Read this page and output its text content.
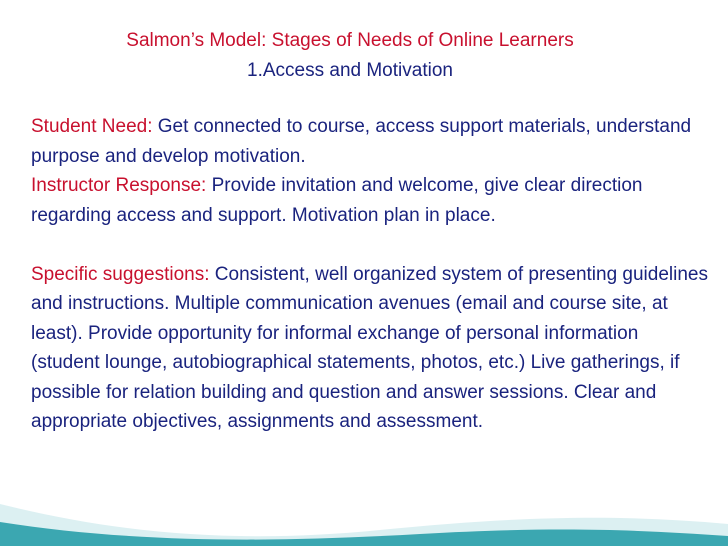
Salmon’s Model: Stages of Needs of Online Learners
1.Access and Motivation

Student Need: Get connected to course, access support materials, understand purpose and develop motivation.

Instructor Response: Provide invitation and welcome, give clear direction regarding access and support. Motivation plan in place.

Specific suggestions: Consistent, well organized system of presenting guidelines and instructions. Multiple communication avenues (email and course site, at least). Provide opportunity for informal exchange of personal information (student lounge, autobiographical statements, photos, etc.) Live gatherings, if possible for relation building and question and answer sessions. Clear and appropriate objectives, assignments and assessment.
